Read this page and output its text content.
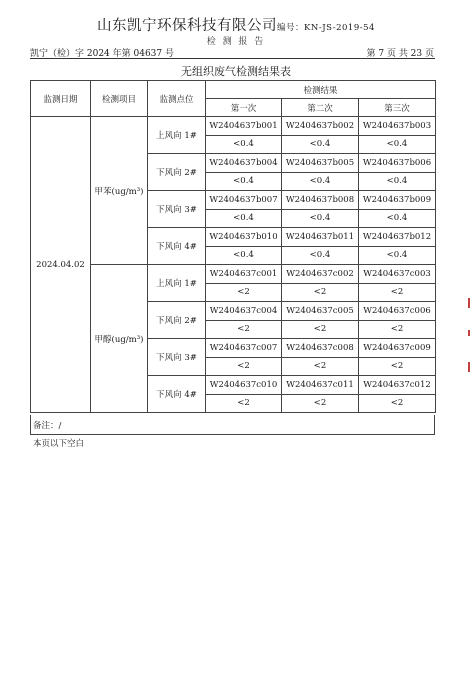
山东凯宁环保科技有限公司编号：KN-JS-2019-54
检 测 报 告
凯宁（检）字 2024 年第 04637 号	第 7 页 共 23 页
无组织废气检测结果表
监测日期	检测项目	监测点位	检测结果		
			第一次	第二次	第三次
2024.04.02	甲苯(ug/m³)	上风向 1#	W2404637b001	W2404637b002	W2404637b003
			<0.4	<0.4	<0.4
		下风向 2#	W2404637b004	W2404637b005	W2404637b006
			<0.4	<0.4	<0.4
		下风向 3#	W2404637b007	W2404637b008	W2404637b009
			<0.4	<0.4	<0.4
		下风向 4#	W2404637b010	W2404637b011	W2404637b012
			<0.4	<0.4	<0.4
	甲醇(ug/m³)	上风向 1#	W2404637c001	W2404637c002	W2404637c003
			<2	<2	<2
		下风向 2#	W2404637c004	W2404637c005	W2404637c006
			<2	<2	<2
		下风向 3#	W2404637c007	W2404637c008	W2404637c009
			<2	<2	<2
		下风向 4#	W2404637c010	W2404637c011	W2404637c012
			<2	<2	<2
备注：/
本页以下空白
